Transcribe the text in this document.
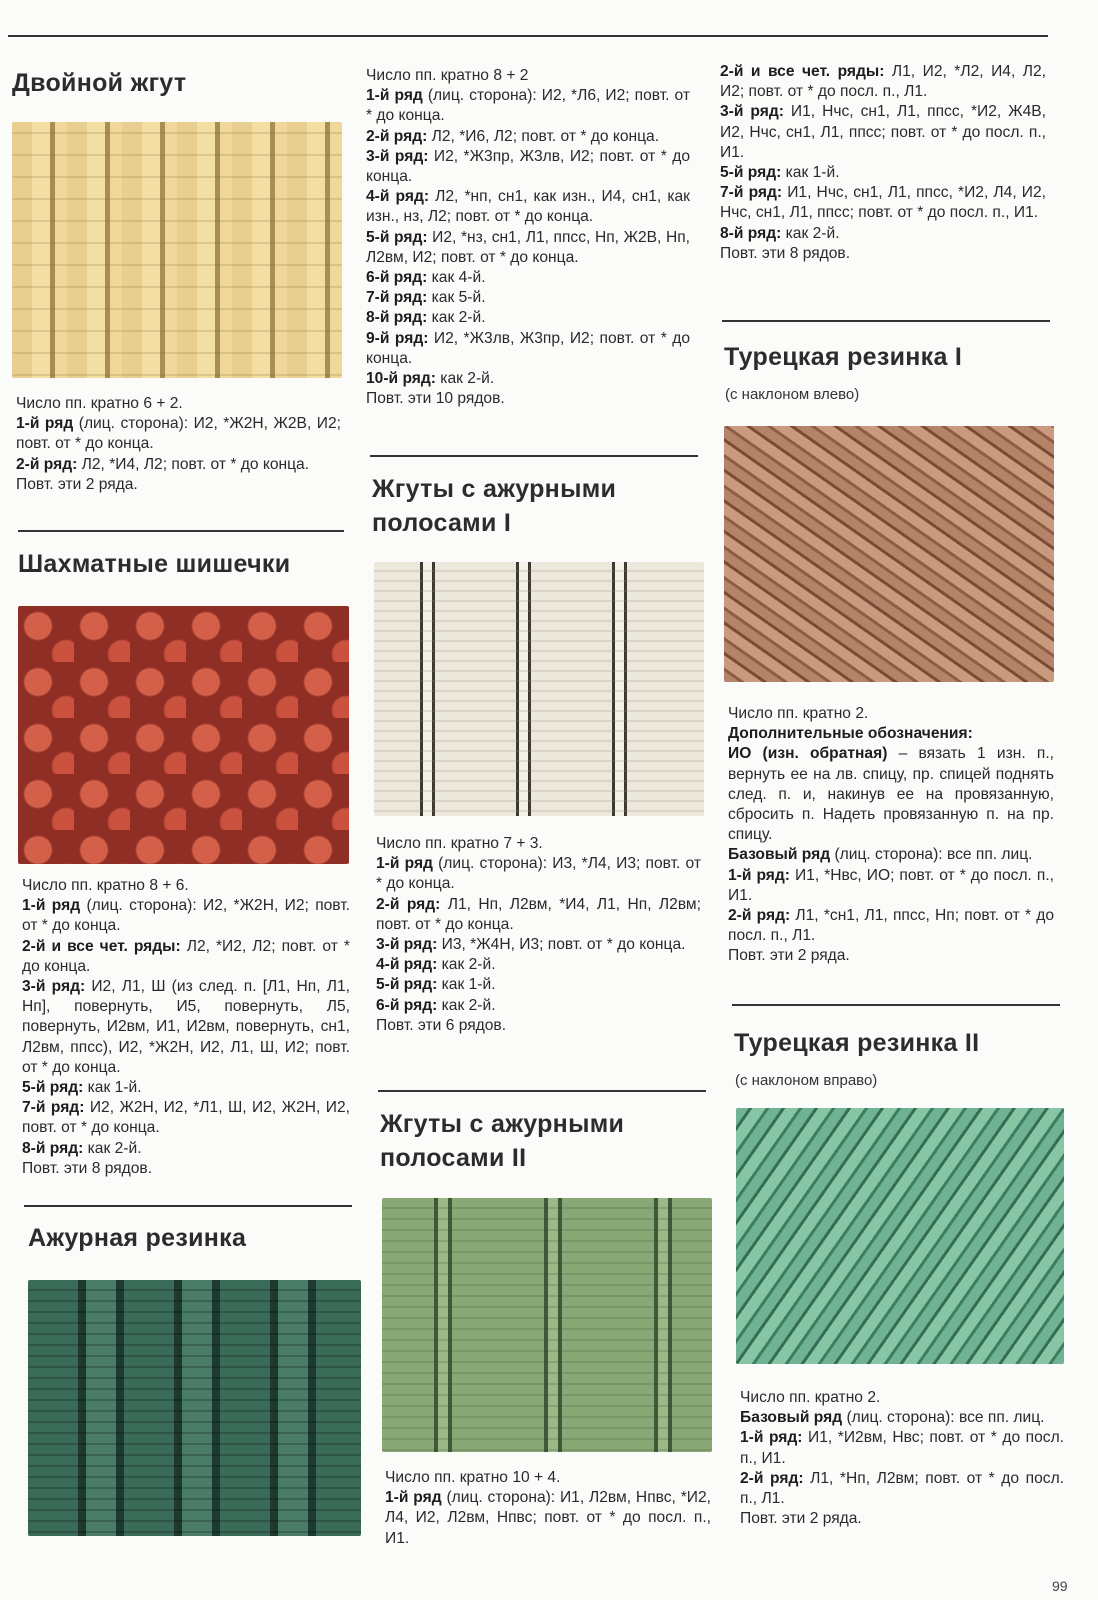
Двойной жгут

Число пп. кратно 6 + 2.

1-й ряд (лиц. сторона): И2, *Ж2Н, Ж2В, И2; повт. от * до конца.

2-й ряд: Л2, *И4, Л2; повт. от * до конца.

Повт. эти 2 ряда.

Шахматные шишечки

Число пп. кратно 8 + 6.

1-й ряд (лиц. сторона): И2, *Ж2Н, И2; повт. от * до конца.

2-й и все чет. ряды: Л2, *И2, Л2; повт. от * до конца.

3-й ряд: И2, Л1, Ш (из след. п. [Л1, Нп, Л1, Нп], повернуть, И5, повернуть, Л5, повернуть, И2вм, И1, И2вм, повернуть, сн1, Л2вм, ппсс), И2, *Ж2Н, И2, Л1, Ш, И2; повт. от * до конца.

5-й ряд: как 1-й.

7-й ряд: И2, Ж2Н, И2, *Л1, Ш, И2, Ж2Н, И2, повт. от * до конца.

8-й ряд: как 2-й.

Повт. эти 8 рядов.

Ажурная резинка

Число пп. кратно 8 + 2

1-й ряд (лиц. сторона): И2, *Л6, И2; повт. от * до конца.

2-й ряд: Л2, *И6, Л2; повт. от * до конца.

3-й ряд: И2, *Ж3пр, Ж3лв, И2; повт. от * до конца.

4-й ряд: Л2, *нп, сн1, как изн., И4, сн1, как изн., нз, Л2; повт. от * до конца.

5-й ряд: И2, *нз, сн1, Л1, ппсс, Нп, Ж2В, Нп, Л2вм, И2; повт. от * до конца.

6-й ряд: как 4-й.

7-й ряд: как 5-й.

8-й ряд: как 2-й.

9-й ряд: И2, *Ж3лв, Ж3пр, И2; повт. от * до конца.

10-й ряд: как 2-й.

Повт. эти 10 рядов.

Жгуты с ажурными
полосами I

Число пп. кратно 7 + 3.

1-й ряд (лиц. сторона): И3, *Л4, И3; повт. от * до конца.

2-й ряд: Л1, Нп, Л2вм, *И4, Л1, Нп, Л2вм; повт. от * до конца.

3-й ряд: И3, *Ж4Н, И3; повт. от * до конца.

4-й ряд: как 2-й.

5-й ряд: как 1-й.

6-й ряд: как 2-й.

Повт. эти 6 рядов.

Жгуты с ажурными
полосами II

Число пп. кратно 10 + 4.

1-й ряд (лиц. сторона): И1, Л2вм, Нпвс, *И2, Л4, И2, Л2вм, Нпвс; повт. от * до посл. п., И1.

2-й и все чет. ряды: Л1, И2, *Л2, И4, Л2, И2; повт. от * до посл. п., Л1.

3-й ряд: И1, Нчс, сн1, Л1, ппсс, *И2, Ж4В, И2, Нчс, сн1, Л1, ппсс; повт. от * до посл. п., И1.

5-й ряд: как 1-й.

7-й ряд: И1, Нчс, сн1, Л1, ппсс, *И2, Л4, И2, Нчс, сн1, Л1, ппсс; повт. от * до посл. п., И1.

8-й ряд: как 2-й.

Повт. эти 8 рядов.

Турецкая резинка I

(с наклоном влево)

Число пп. кратно 2.

Дополнительные обозначения:

ИО (изн. обратная) – вязать 1 изн. п., вернуть ее на лв. спицу, пр. спицей поднять след. п. и, накинув ее на провязанную, сбросить п. Надеть провязанную п. на пр. спицу.

Базовый ряд (лиц. сторона): все пп. лиц.

1-й ряд: И1, *Нвс, ИО; повт. от * до посл. п., И1.

2-й ряд: Л1, *сн1, Л1, ппсс, Нп; повт. от * до посл. п., Л1.

Повт. эти 2 ряда.

Турецкая резинка II

(с наклоном вправо)

Число пп. кратно 2.

Базовый ряд (лиц. сторона): все пп. лиц.

1-й ряд: И1, *И2вм, Нвс; повт. от * до посл. п., И1.

2-й ряд: Л1, *Нп, Л2вм; повт. от * до посл. п., Л1.

Повт. эти 2 ряда.

99
